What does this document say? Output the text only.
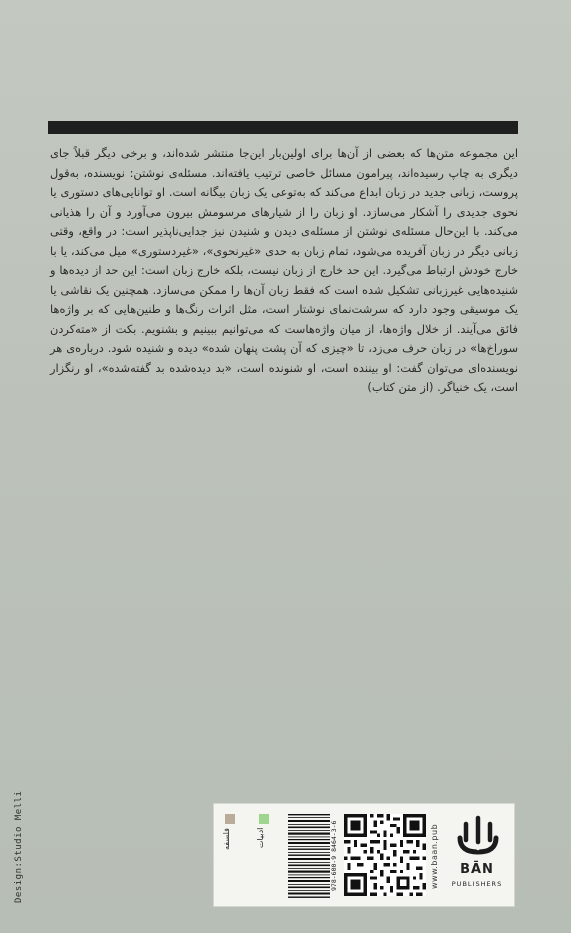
این مجموعه متن‌ها که بعضی از آن‌ها برای اولین‌بار این‌جا منتشر شده‌اند، و برخی دیگر قبلاً جای دیگری به چاپ رسیده‌اند، پیرامون مسائل خاصی ترتیب یافته‌اند. مسئله‌ی نوشتن: نویسنده، به‌قول پروست، زبانی جدید در زبان ابداع می‌کند که به‌توعی یک زبان بیگانه است. او توانایی‌های دستوری یا نحوی جدیدی را آشکار می‌سازد. او زبان را از شیارهای مرسومش بیرون می‌آورد و آن را هذیانی می‌کند. با این‌حال مسئله‌ی نوشتن از مسئله‌ی دیدن و شنیدن نیز جدایی‌ناپذیر است: در واقع، وقتی زبانی دیگر در زبان آفریده می‌شود، تمام زبان به حدی «غیرنحوی»، «غیردستوری» میل می‌کند، یا با خارج خودش ارتباط می‌گیرد. این حد خارج از زبان نیست، بلکه خارج زبان است: این حد از دیده‌ها و شنیده‌هایی غیرزبانی تشکیل شده است که فقط زبان آن‌ها را ممکن می‌سازد. همچنین یک نقاشی یا یک موسیقی وجود دارد که سرشت‌نمای نوشتار است، مثل اثرات رنگ‌ها و طنین‌هایی که بر واژه‌ها فائق می‌آیند. از خلال واژه‌ها، از میان واژه‌هاست که می‌توانیم ببینیم و بشنویم. بکت از «مته‌کردن سوراخ‌ها» در زبان حرف می‌زد، تا «چیزی که آن پشت پنهان شده» دیده و شنیده شود. درباره‌ی هر نویسنده‌ای می‌توان گفت: او بیننده است، او شنونده است، «بد دیده‌شده بد گفته‌شده»، او رنگزار است، یک خنیاگر. (از متن کتاب)

Design:Studio Melli	فلسفه	ادبیات	978-600-9 8464-3-6	www.baan.pub	BĀN
PUBLISHERS
